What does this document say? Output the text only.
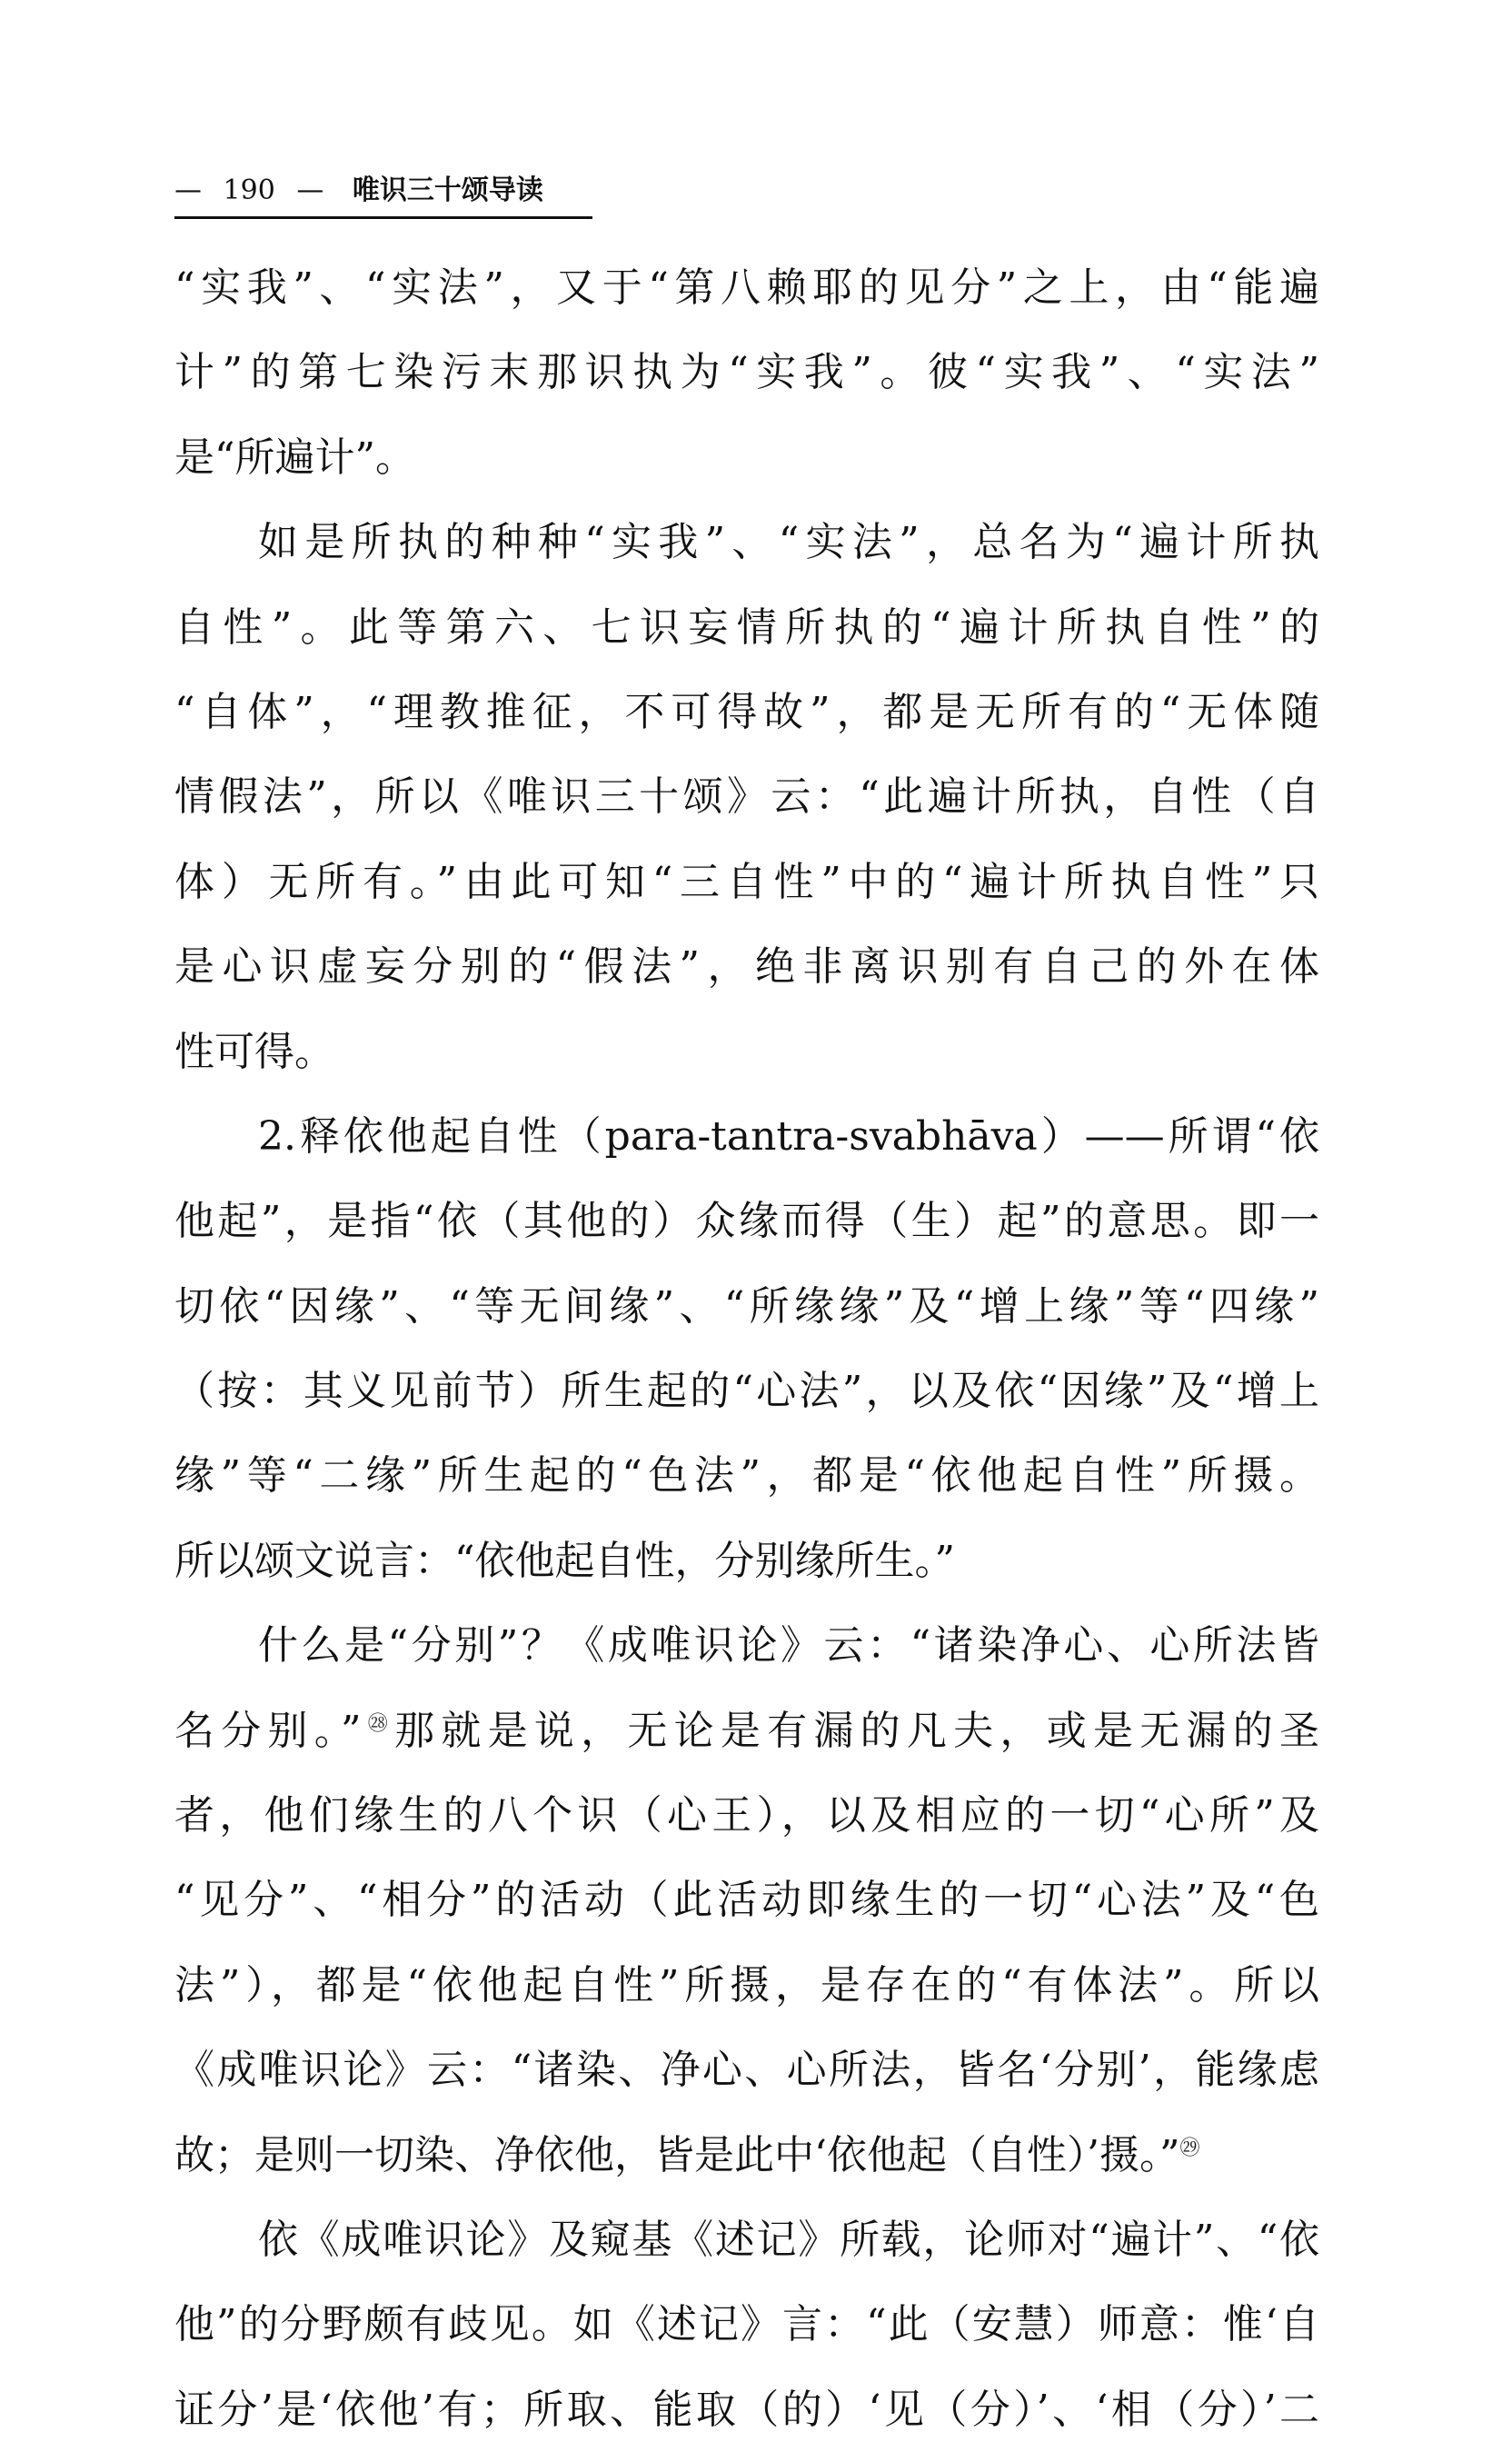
— 190 — 唯识三十颂导读
“实我”、“实法”，又于“第八赖耶的见分”之上，由“能遍
计”的第七染污末那识执为“实我”。彼“实我”、“实法”
是“所遍计”。
如是所执的种种“实我”、“实法”，总名为“遍计所执
自性”。此等第六、七识妄情所执的“遍计所执自性”的
“自体”，“理教推征，不可得故”，都是无所有的“无体随
情假法”，所以《唯识三十颂》云：“此遍计所执，自性（自
体）无所有。”由此可知“三自性”中的“遍计所执自性”只
是心识虚妄分别的“假法”，绝非离识别有自己的外在体
性可得。
2.释依他起自性（para-tantra-svabhāva）——所谓“依
他起”，是指“依（其他的）众缘而得（生）起”的意思。即一
切依“因缘”、“等无间缘”、“所缘缘”及“增上缘”等“四缘”
（按：其义见前节）所生起的“心法”，以及依“因缘”及“增上
缘”等“二缘”所生起的“色法”，都是“依他起自性”所摄。
所以颂文说言：“依他起自性，分别缘所生。”
什么是“分别”？《成唯识论》云：“诸染净心、心所法皆
名分别。”$^㉘$那就是说，无论是有漏的凡夫，或是无漏的圣
者，他们缘生的八个识（心王），以及相应的一切“心所”及
“见分”、“相分”的活动（此活动即缘生的一切“心法”及“色
法”），都是“依他起自性”所摄，是存在的“有体法”。所以
《成唯识论》云：“诸染、净心、心所法，皆名‘分别’，能缘虑
故；是则一切染、净依他，皆是此中‘依他起（自性）’摄。”$^㉙$
依《成唯识论》及窥基《述记》所载，论师对“遍计”、“依
他”的分野颇有歧见。如《述记》言：“此（安慧）师意：惟‘自
证分’是‘依他’有；所取、能取（的）‘见（分）’、‘相（分）’二
